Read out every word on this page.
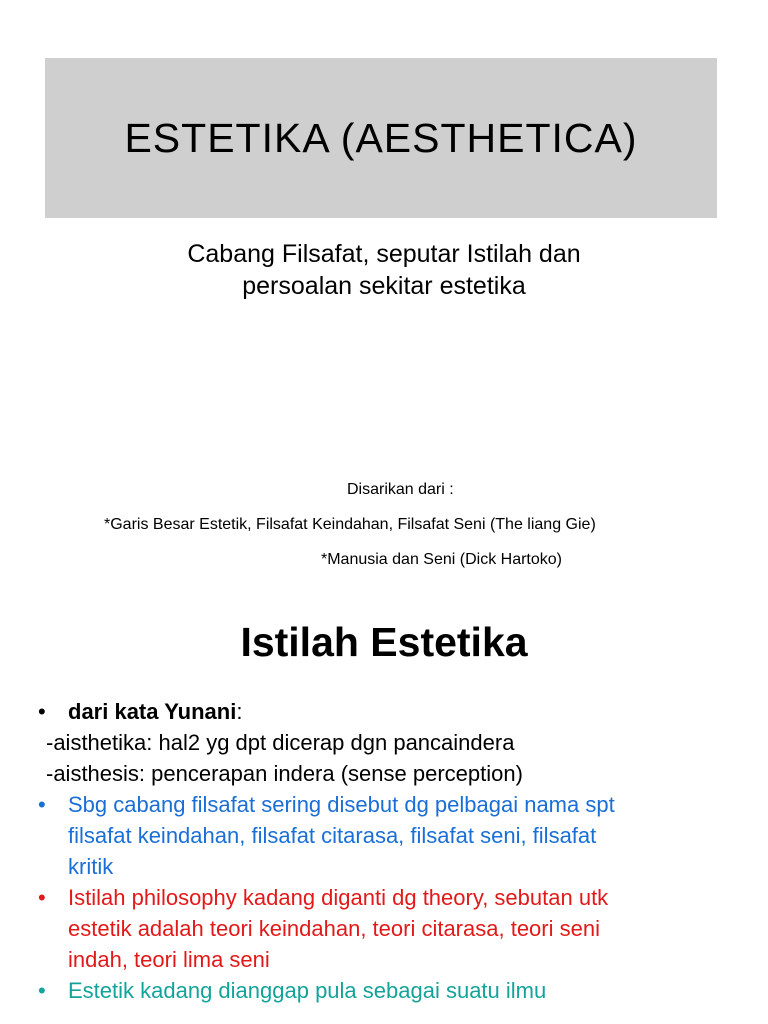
ESTETIKA (AESTHETICA)
Cabang Filsafat, seputar Istilah dan
persoalan sekitar estetika
Disarikan dari :
*Garis Besar Estetik, Filsafat Keindahan, Filsafat Seni (The liang Gie)
*Manusia dan Seni (Dick Hartoko)
Istilah Estetika
• dari kata Yunani:
-aisthetika: hal2 yg dpt dicerap dgn pancaindera
-aisthesis: pencerapan indera (sense perception)
• Sbg cabang filsafat sering disebut dg pelbagai nama spt
filsafat keindahan, filsafat citarasa, filsafat seni, filsafat
kritik
• Istilah philosophy kadang diganti dg theory, sebutan utk
estetik adalah teori keindahan, teori citarasa, teori seni
indah, teori lima seni
• Estetik kadang dianggap pula sebagai suatu ilmu
